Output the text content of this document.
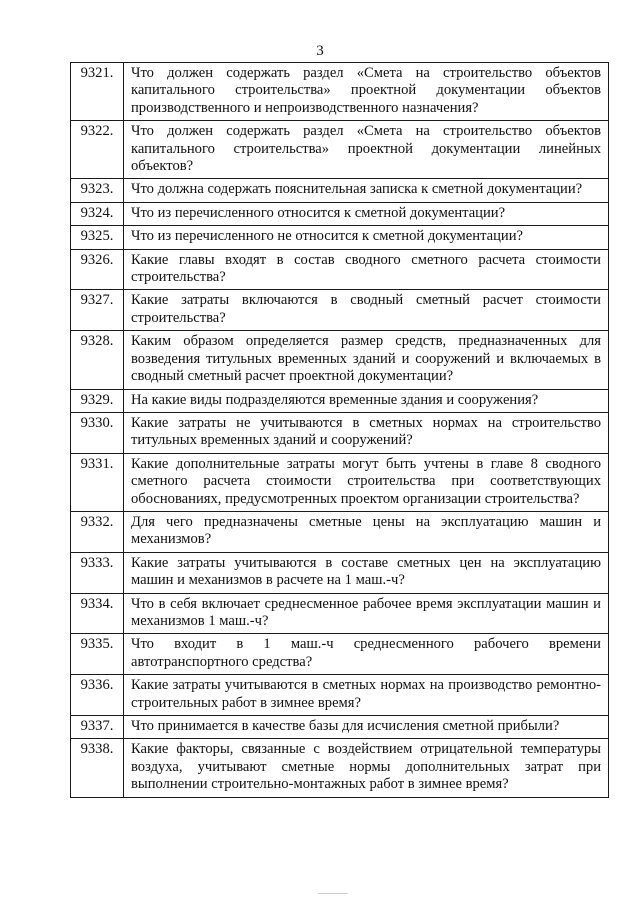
3
9321.	Что должен содержать раздел «Смета на строительство объектов капитального строительства» проектной документации объектов производственного и непроизводственного назначения?
9322.	Что должен содержать раздел «Смета на строительство объектов капитального строительства» проектной документации линейных объектов?
9323.	Что должна содержать пояснительная записка к сметной документации?
9324.	Что из перечисленного относится к сметной документации?
9325.	Что из перечисленного не относится к сметной документации?
9326.	Какие главы входят в состав сводного сметного расчета стоимости строительства?
9327.	Какие затраты включаются в сводный сметный расчет стоимости строительства?
9328.	Каким образом определяется размер средств, предназначенных для возведения титульных временных зданий и сооружений и включаемых в сводный сметный расчет проектной документации?
9329.	На какие виды подразделяются временные здания и сооружения?
9330.	Какие затраты не учитываются в сметных нормах на строительство титульных временных зданий и сооружений?
9331.	Какие дополнительные затраты могут быть учтены в главе 8 сводного сметного расчета стоимости строительства при соответствующих обоснованиях, предусмотренных проектом организации строительства?
9332.	Для чего предназначены сметные цены на эксплуатацию машин и механизмов?
9333.	Какие затраты учитываются в составе сметных цен на эксплуатацию машин и механизмов в расчете на 1 маш.-ч?
9334.	Что в себя включает среднесменное рабочее время эксплуатации машин и механизмов 1 маш.-ч?
9335.	Что входит в 1 маш.-ч среднесменного рабочего времени автотранспортного средства?
9336.	Какие затраты учитываются в сметных нормах на производство ремонтно-строительных работ в зимнее время?
9337.	Что принимается в качестве базы для исчисления сметной прибыли?
9338.	Какие факторы, связанные с воздействием отрицательной температуры воздуха, учитывают сметные нормы дополнительных затрат при выполнении строительно-монтажных работ в зимнее время?
